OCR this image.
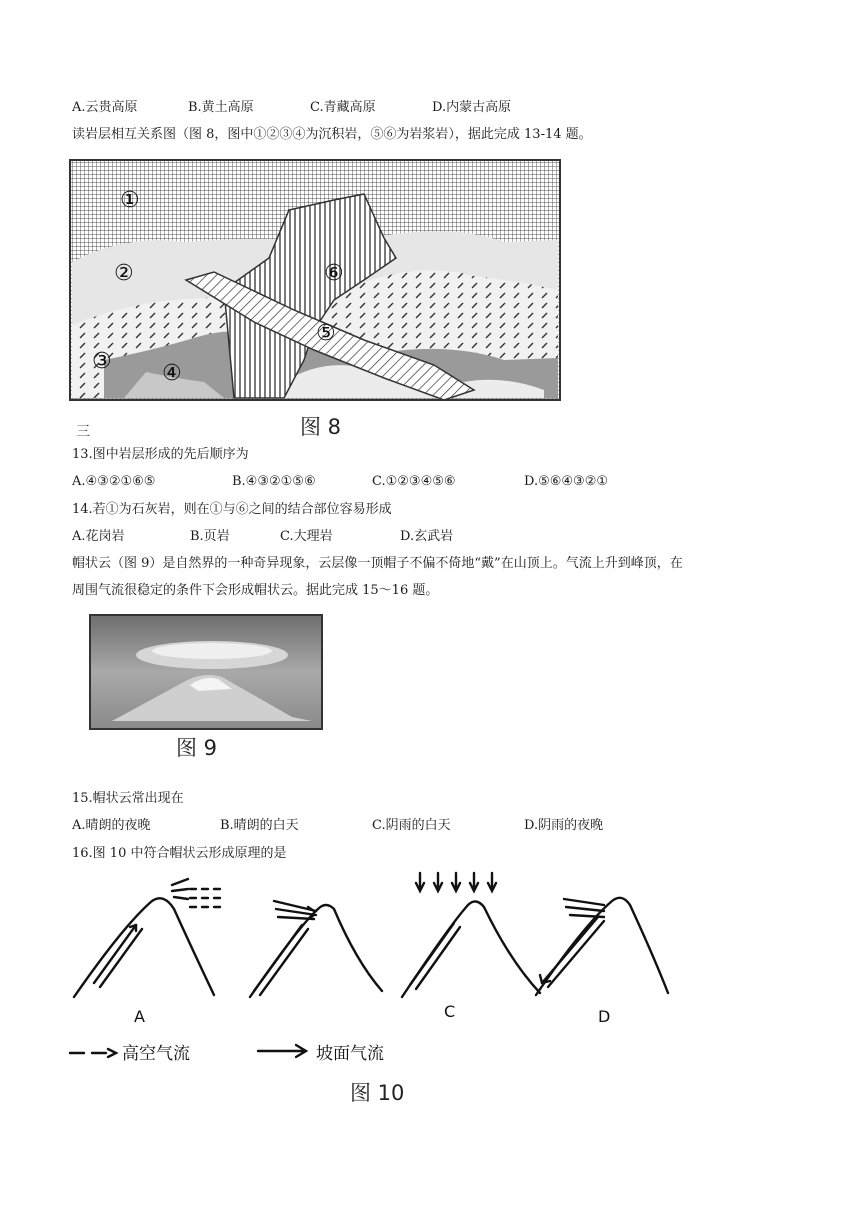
A.云贵高原	B.黄土高原	C.青藏高原	D.内蒙古高原
读岩层相互关系图（图 8，图中①②③④为沉积岩，⑤⑥为岩浆岩），据此完成 13-14 题。
①
②
③ ④
⑤
⑥
三	图 8
13.图中岩层形成的先后顺序为
A.④③②①⑥⑤	B.④③②①⑤⑥	C.①②③④⑤⑥	D.⑤⑥④③②①
14.若①为石灰岩，则在①与⑥之间的结合部位容易形成
A.花岗岩	B.页岩	C.大理岩	D.玄武岩
帽状云（图 9）是自然界的一种奇异现象，云层像一顶帽子不偏不倚地“戴”在山顶上。气流上升到峰顶，在
周围气流很稳定的条件下会形成帽状云。据此完成 15～16 题。
图 9
15.帽状云常出现在
A.晴朗的夜晚	B.晴朗的白天	C.阴雨的白天	D.阴雨的夜晚
16.图 10 中符合帽状云形成原理的是
A	C	D
高空气流	坡面气流
图 10
